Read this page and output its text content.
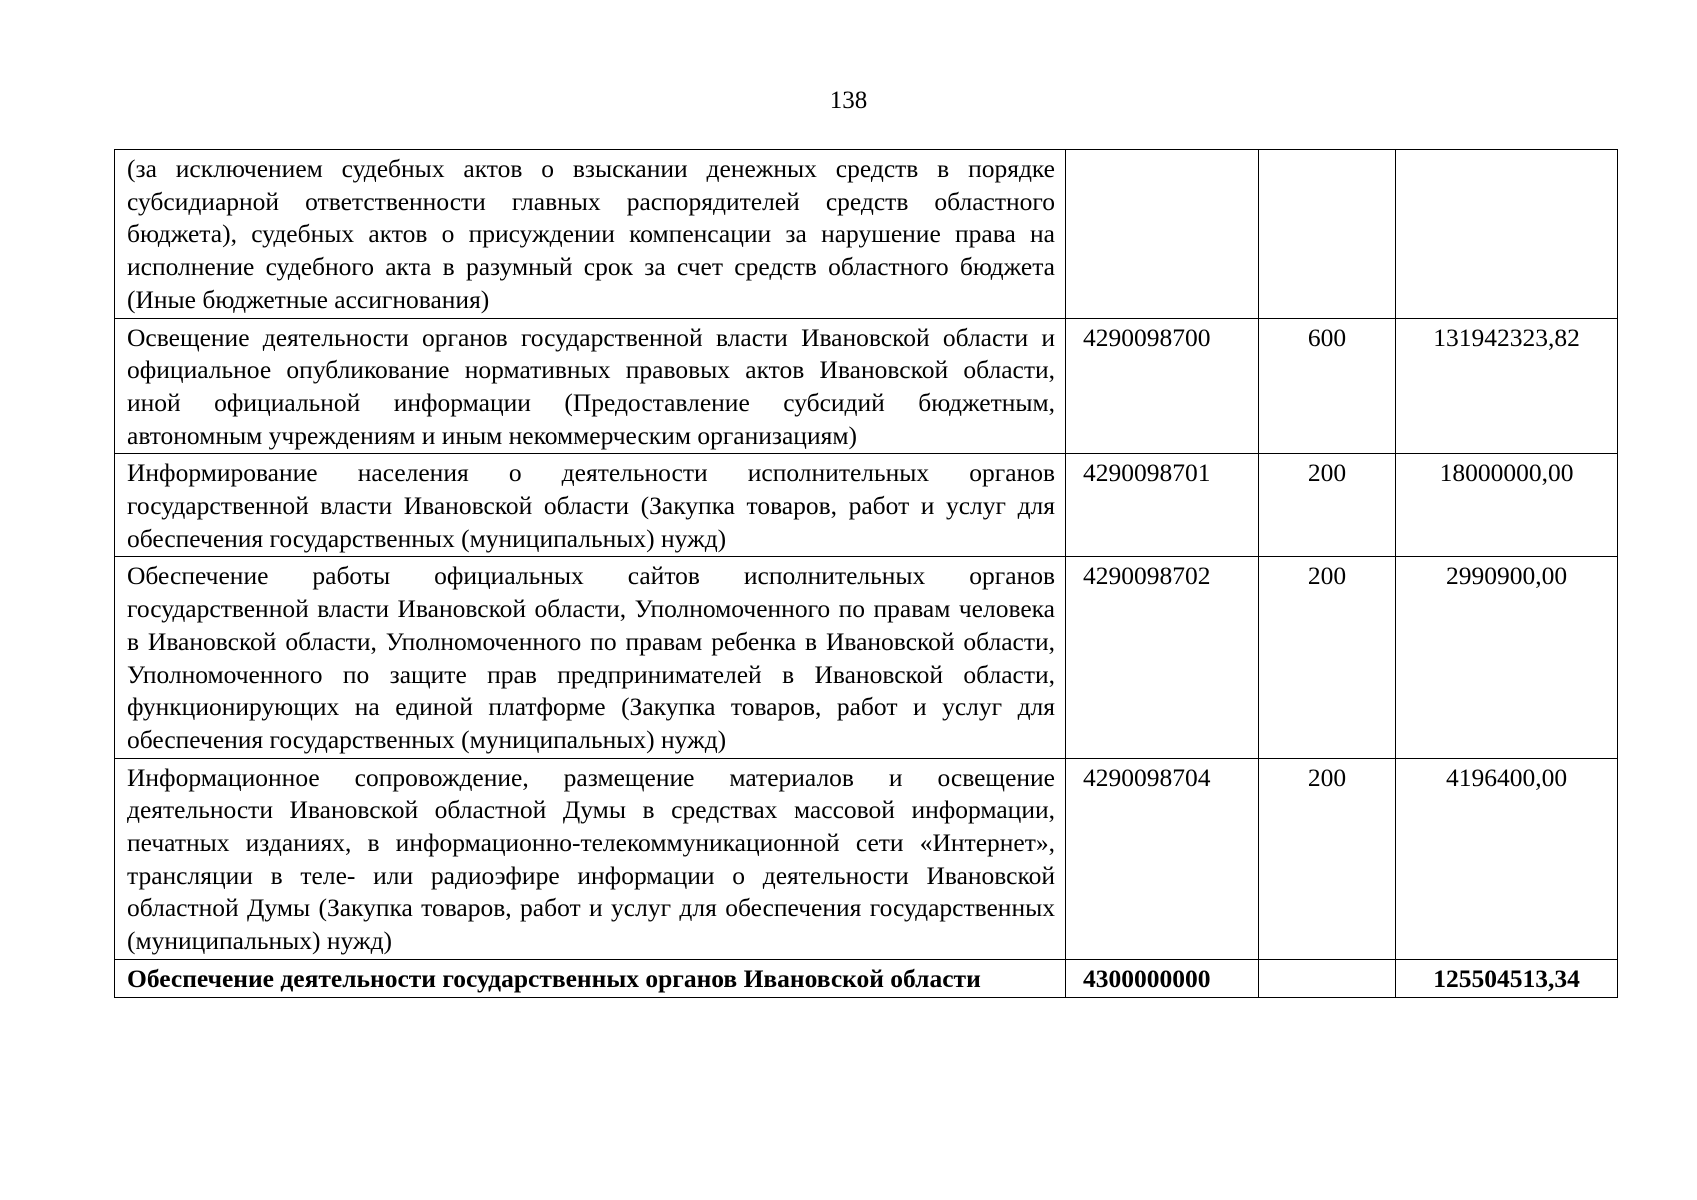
138
(за исключением судебных актов о взыскании денежных средств в порядке субсидиарной ответственности главных распорядителей средств областного бюджета), судебных актов о присуждении компенсации за нарушение права на исполнение судебного акта в разумный срок за счет средств областного бюджета (Иные бюджетные ассигнования)			
Освещение деятельности органов государственной власти Ивановской области и официальное опубликование нормативных правовых актов Ивановской области, иной официальной информации (Предоставление субсидий бюджетным, автономным учреждениям и иным некоммерческим организациям)	4290098700	600	131942323,82
Информирование населения о деятельности исполнительных органов государственной власти Ивановской области (Закупка товаров, работ и услуг для обеспечения государственных (муниципальных) нужд)	4290098701	200	18000000,00
Обеспечение работы официальных сайтов исполнительных органов государственной власти Ивановской области, Уполномоченного по правам человека в Ивановской области, Уполномоченного по правам ребенка в Ивановской области, Уполномоченного по защите прав предпринимателей в Ивановской области, функционирующих на единой платформе (Закупка товаров, работ и услуг для обеспечения государственных (муниципальных) нужд)	4290098702	200	2990900,00
Информационное сопровождение, размещение материалов и освещение деятельности Ивановской областной Думы в средствах массовой информации, печатных изданиях, в информационно-телекоммуникационной сети «Интернет», трансляции в теле- или радиоэфире информации о деятельности Ивановской областной Думы (Закупка товаров, работ и услуг для обеспечения государственных (муниципальных) нужд)	4290098704	200	4196400,00
Обеспечение деятельности государственных органов Ивановской области	4300000000		125504513,34
